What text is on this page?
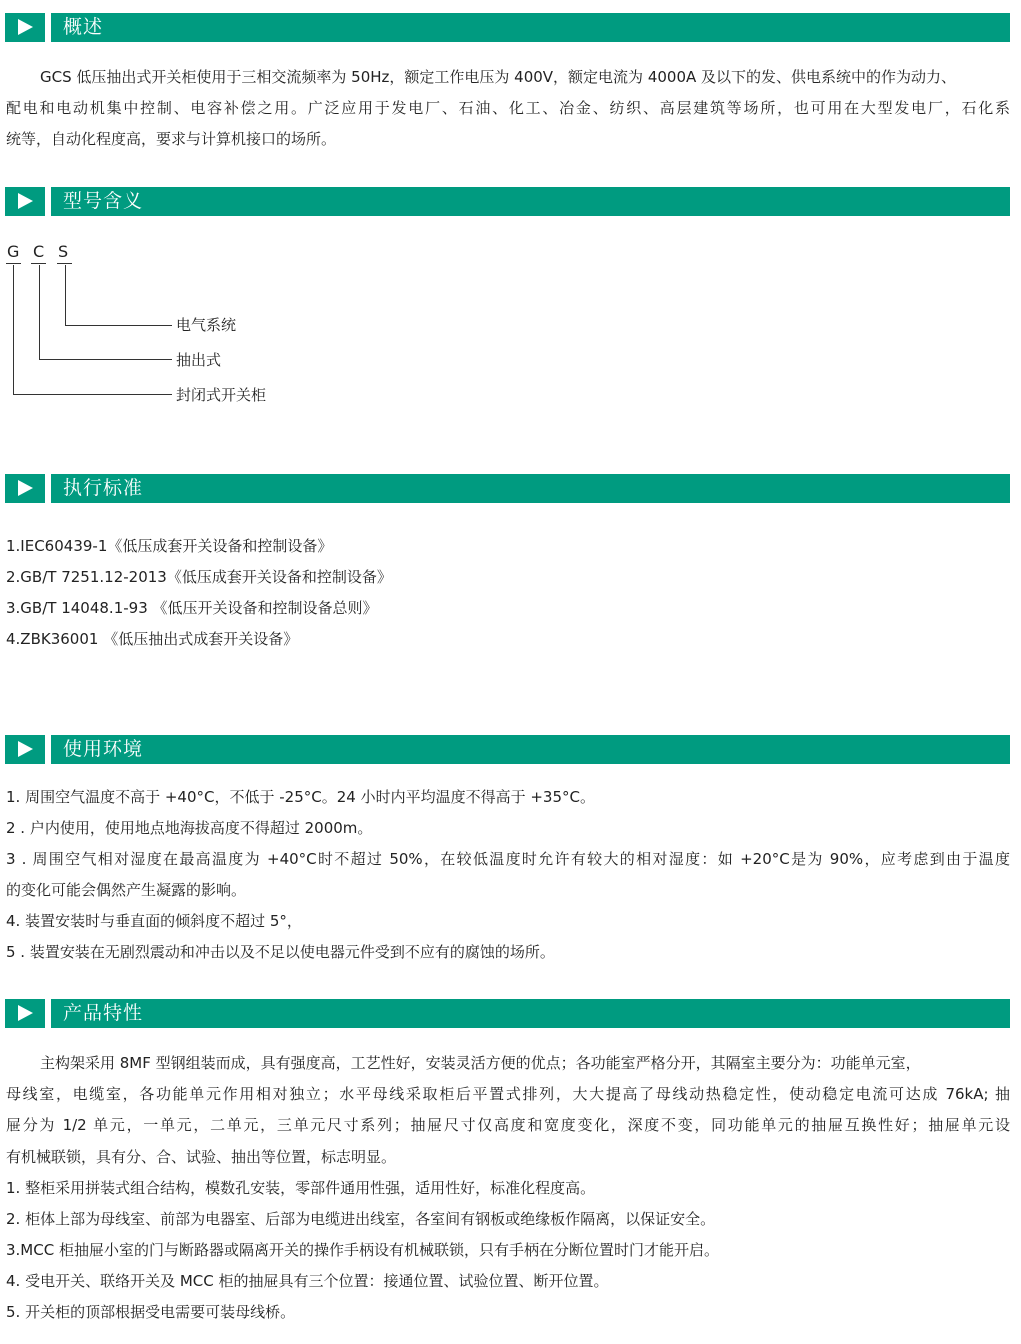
概述
GCS 低压抽出式开关柜使用于三相交流频率为 50Hz，额定工作电压为 400V，额定电流为 4000A 及以下的发、供电系统中的作为动力、
配电和电动机集中控制、电容补偿之用。广泛应用于发电厂、石油、化工、冶金、纺织、高层建筑等场所，也可用在大型发电厂，石化系
统等，自动化程度高，要求与计算机接口的场所。
型号含义
G C S
电气系统
抽出式
封闭式开关柜
执行标准
1.IEC60439-1《低压成套开关设备和控制设备》
2.GB/T 7251.12-2013《低压成套开关设备和控制设备》
3.GB/T 14048.1-93 《低压开关设备和控制设备总则》
4.ZBK36001 《低压抽出式成套开关设备》
使用环境
1. 周围空气温度不高于 +40°C，不低于 -25°C。24 小时内平均温度不得高于 +35°C。
2 . 户内使用，使用地点地海拔高度不得超过 2000m。
3 . 周围空气相对湿度在最高温度为 +40°C时不超过 50%，在较低温度时允许有较大的相对湿度：如 +20°C是为 90%，应考虑到由于温度
的变化可能会偶然产生凝露的影响。
4. 装置安装时与垂直面的倾斜度不超过 5°，
5 . 装置安装在无剧烈震动和冲击以及不足以使电器元件受到不应有的腐蚀的场所。
产品特性
主构架采用 8MF 型钢组装而成，具有强度高，工艺性好，安装灵活方便的优点；各功能室严格分开，其隔室主要分为：功能单元室，
母线室，电缆室，各功能单元作用相对独立；水平母线采取柜后平置式排列，大大提高了母线动热稳定性，使动稳定电流可达成 76kA; 抽
屉分为 1/2 单元，一单元，二单元，三单元尺寸系列；抽屉尺寸仅高度和宽度变化，深度不变，同功能单元的抽屉互换性好；抽屉单元设
有机械联锁，具有分、合、试验、抽出等位置，标志明显。
1. 整柜采用拼装式组合结构，模数孔安装，零部件通用性强，适用性好，标准化程度高。
2. 柜体上部为母线室、前部为电器室、后部为电缆进出线室，各室间有钢板或绝缘板作隔离，以保证安全。
3.MCC 柜抽屉小室的门与断路器或隔离开关的操作手柄设有机械联锁，只有手柄在分断位置时门才能开启。
4. 受电开关、联络开关及 MCC 柜的抽屉具有三个位置：接通位置、试验位置、断开位置。
5. 开关柜的顶部根据受电需要可装母线桥。
